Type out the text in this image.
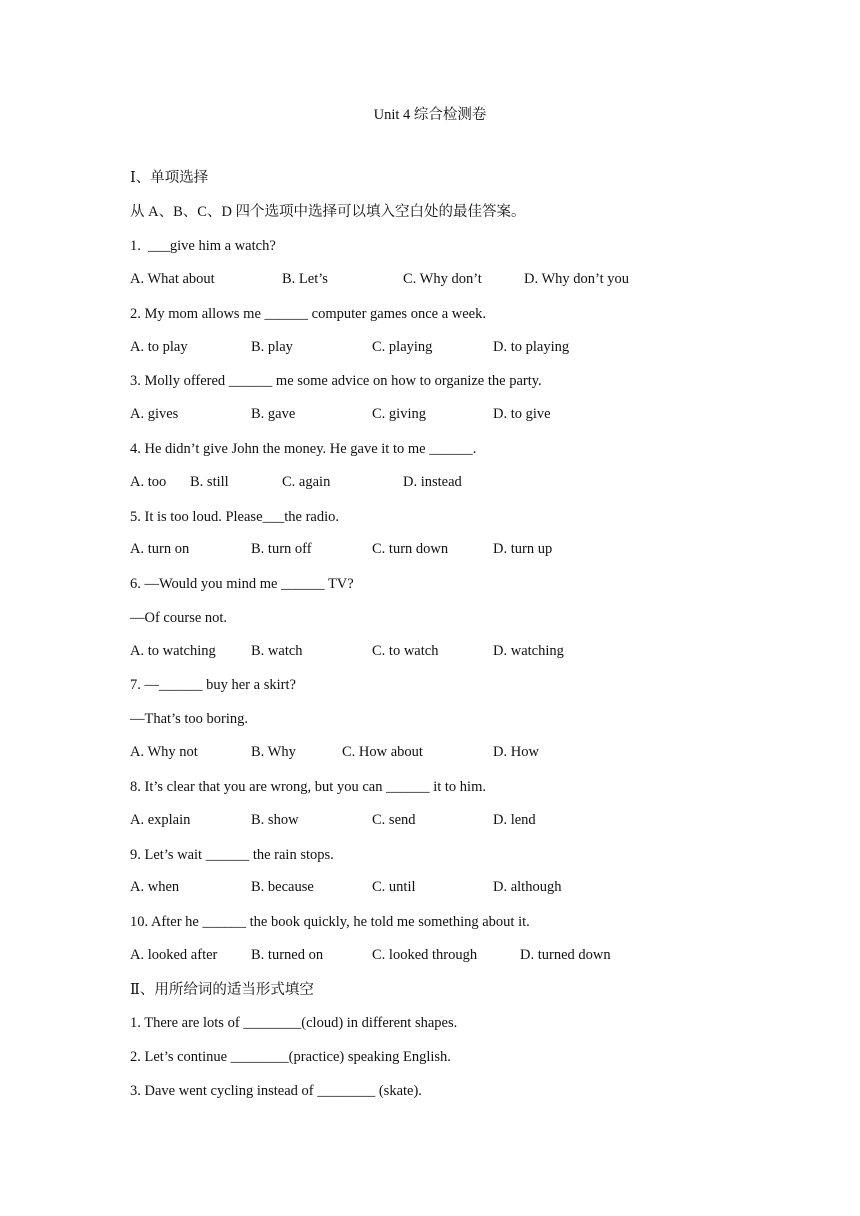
Unit 4 综合检测卷
Ⅰ、单项选择
从 A、B、C、D 四个选项中选择可以填入空白处的最佳答案。
1.  ___give him a watch?
A. What about	B. Let’s	C. Why don’t	D. Why don’t you
2. My mom allows me ______ computer games once a week.
A. to play	B. play	C. playing	D. to playing
3. Molly offered ______ me some advice on how to organize the party.
A. gives	B. gave	C. giving	D. to give
4. He didn’t give John the money. He gave it to me ______.
A. too B. still	C. again	D. instead
5. It is too loud. Please___the radio.
A. turn on	B. turn off	C. turn down	D. turn up
6. —Would you mind me ______ TV?
—Of course not.
A. to watching B. watch	C. to watch	D. watching
7. —______ buy her a skirt?
—That’s too boring.
A. Why not	B. Why	C. How about	D. How
8. It’s clear that you are wrong, but you can ______ it to him.
A. explain	B. show	C. send	D. lend
9. Let’s wait ______ the rain stops.
A. when	B. because	C. until	D. although
10. After he ______ the book quickly, he told me something about it.
A. looked after B. turned on	C. looked through	D. turned down
Ⅱ、用所给词的适当形式填空
1. There are lots of ________(cloud) in different shapes.
2. Let’s continue ________(practice) speaking English.
3. Dave went cycling instead of ________ (skate).
